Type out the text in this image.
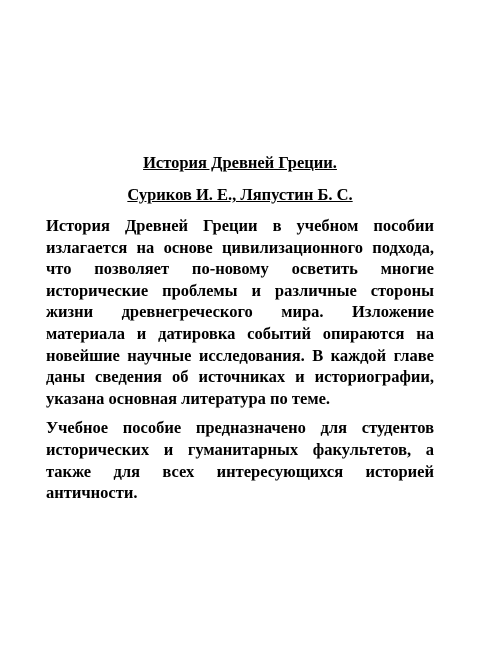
История Древней Греции.

Суриков И. Е., Ляпустин Б. С.

История Древней Греции в учебном пособии излагается на основе цивилизационного подхода, что позволяет по-новому осветить многие исторические проблемы и различные стороны жизни древнегреческого мира. Изложение материала и датировка событий опираются на новейшие научные исследования. В каждой главе даны сведения об источниках и историографии, указана основная литература по теме.

Учебное пособие предназначено для студентов исторических и гуманитарных факультетов, а также для всех интересующихся историей античности.
